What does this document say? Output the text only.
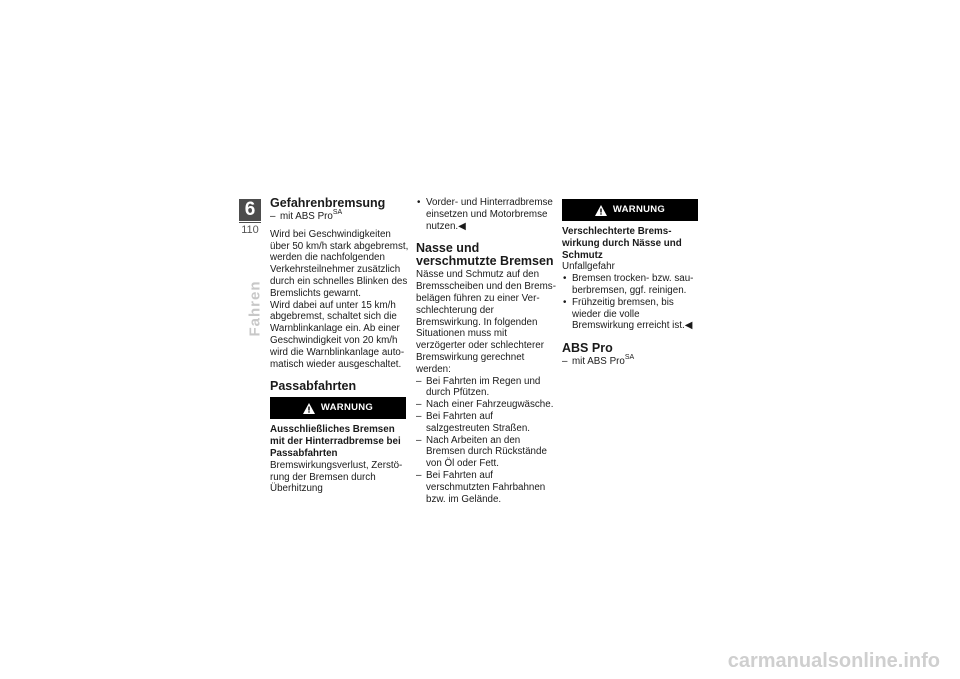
6
110
Fahren
Gefahrenbremsung
– mit ABS Pro$^{SA}$

Wird bei Geschwindigkeiten über 50 km/h stark abgebremst, werden die nachfolgenden Verkehrsteilnehmer zusätzlich durch ein schnelles Blinken des Bremslichts gewarnt.

Wird dabei auf unter 15 km/h abgebremst, schaltet sich die Warnblinkanlage ein. Ab einer Geschwindigkeit von 20 km/h wird die Warnblinkanlage automatisch wieder ausgeschaltet.

Passabfahrten
WARNUNG

Ausschließliches Bremsen mit der Hinterradbremse bei Passabfahrten

Bremswirkungsverlust, Zerstörung der Bremsen durch Überhitzung

• Vorder- und Hinterradbremse einsetzen und Motorbremse nutzen.◀
Nasse und verschmutzte Bremsen

Nässe und Schmutz auf den Bremsscheiben und den Bremsbelägen führen zu einer Verschlechterung der Bremswirkung. In folgenden Situationen muss mit verzögerter oder schlechterer Bremswirkung gerechnet werden:

– Bei Fahrten im Regen und durch Pfützen.
– Nach einer Fahrzeugwäsche.
– Bei Fahrten auf salzgestreuten Straßen.
– Nach Arbeiten an den Bremsen durch Rückstände von Öl oder Fett.
– Bei Fahrten auf verschmutzten Fahrbahnen bzw. im Gelände.
WARNUNG

Verschlechterte Bremswirkung durch Nässe und Schmutz

Unfallgefahr

• Bremsen trocken- bzw. sauberbremsen, ggf. reinigen.
• Frühzeitig bremsen, bis wieder die volle Bremswirkung erreicht ist.◀
ABS Pro
– mit ABS Pro$^{SA}$
carmanualsonline.info
